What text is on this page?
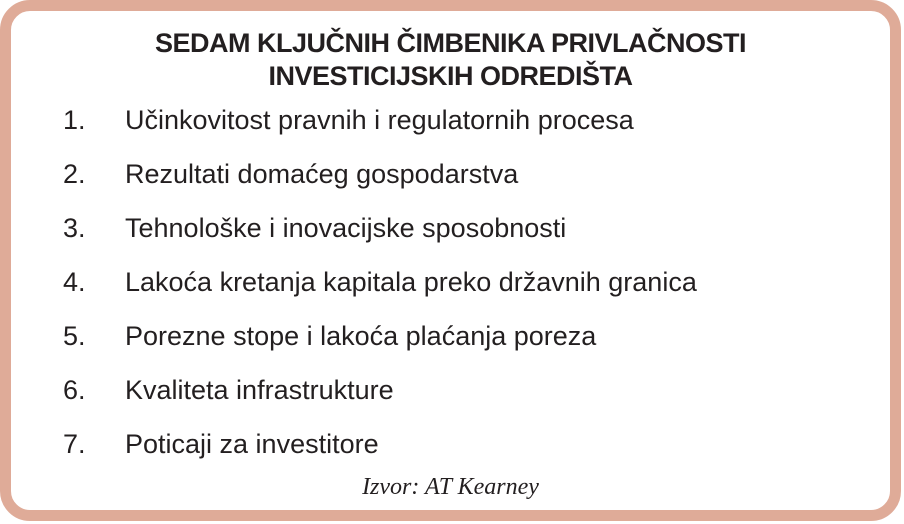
SEDAM KLJUČNIH ČIMBENIKA PRIVLAČNOSTI
INVESTICIJSKIH ODREDIŠTA
1.	Učinkovitost pravnih i regulatornih procesa
2.	Rezultati domaćeg gospodarstva
3.	Tehnološke i inovacijske sposobnosti
4.	Lakoća kretanja kapitala preko državnih granica
5.	Porezne stope i lakoća plaćanja poreza
6.	Kvaliteta infrastrukture
7.	Poticaji za investitore
Izvor: AT Kearney
